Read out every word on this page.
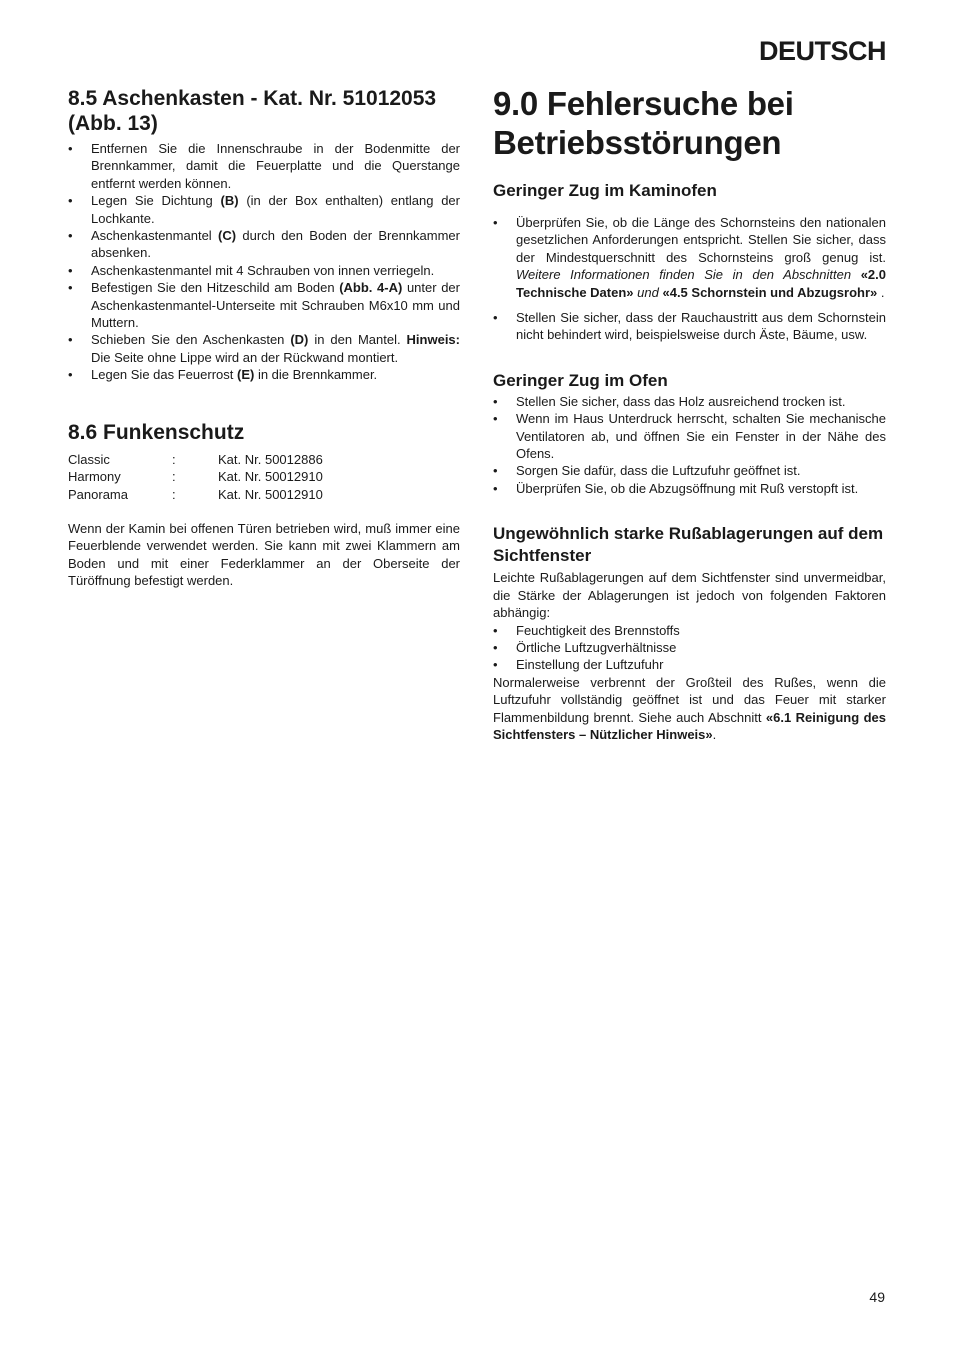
DEUTSCH
8.5 Aschenkasten - Kat. Nr. 51012053 (Abb. 13)
• Entfernen Sie die Innenschraube in der Bodenmitte der Brennkammer, damit die Feuerplatte und die Querstange entfernt werden können.
• Legen Sie Dichtung (B) (in der Box enthalten) entlang der Lochkante.
• Aschenkastenmantel (C) durch den Boden der Brennkammer absenken.
• Aschenkastenmantel mit 4 Schrauben von innen verriegeln.
• Befestigen Sie den Hitzeschild am Boden (Abb. 4-A) unter der Aschenkastenmantel-Unterseite mit Schrauben M6x10 mm und Muttern.
• Schieben Sie den Aschenkasten (D) in den Mantel. Hinweis: Die Seite ohne Lippe wird an der Rückwand montiert.
• Legen Sie das Feuerrost (E) in die Brennkammer.
8.6 Funkenschutz
Classic	:	Kat. Nr. 50012886
Harmony	:	Kat. Nr. 50012910
Panorama	:	Kat. Nr. 50012910

Wenn der Kamin bei offenen Türen betrieben wird, muß immer eine Feuerblende verwendet werden. Sie kann mit zwei Klammern am Boden und mit einer Federklammer an der Oberseite der Türöffnung befestigt werden.

9.0 Fehlersuche bei Betriebsstörungen
Geringer Zug im Kaminofen
• Überprüfen Sie, ob die Länge des Schornsteins den nationalen gesetzlichen Anforderungen entspricht. Stellen Sie sicher, dass der Mindestquerschnitt des Schornsteins groß genug ist. Weitere Informationen finden Sie in den Abschnitten «2.0 Technische Daten» und «4.5 Schornstein und Abzugsrohr» .
• Stellen Sie sicher, dass der Rauchaustritt aus dem Schornstein nicht behindert wird, beispielsweise durch Äste, Bäume, usw.
Geringer Zug im Ofen
• Stellen Sie sicher, dass das Holz ausreichend trocken ist.
• Wenn im Haus Unterdruck herrscht, schalten Sie mechanische Ventilatoren ab, und öffnen Sie ein Fenster in der Nähe des Ofens.
• Sorgen Sie dafür, dass die Luftzufuhr geöffnet ist.
• Überprüfen Sie, ob die Abzugsöffnung mit Ruß verstopft ist.
Ungewöhnlich starke Rußablagerungen auf dem Sichtfenster

Leichte Rußablagerungen auf dem Sichtfenster sind unvermeidbar, die Stärke der Ablagerungen ist jedoch von folgenden Faktoren abhängig:

• Feuchtigkeit des Brennstoffs
• Örtliche Luftzugverhältnisse
• Einstellung der Luftzufuhr

Normalerweise verbrennt der Großteil des Rußes, wenn die Luftzufuhr vollständig geöffnet ist und das Feuer mit starker Flammenbildung brennt. Siehe auch Abschnitt «6.1 Reinigung des Sichtfensters – Nützlicher Hinweis».

49
